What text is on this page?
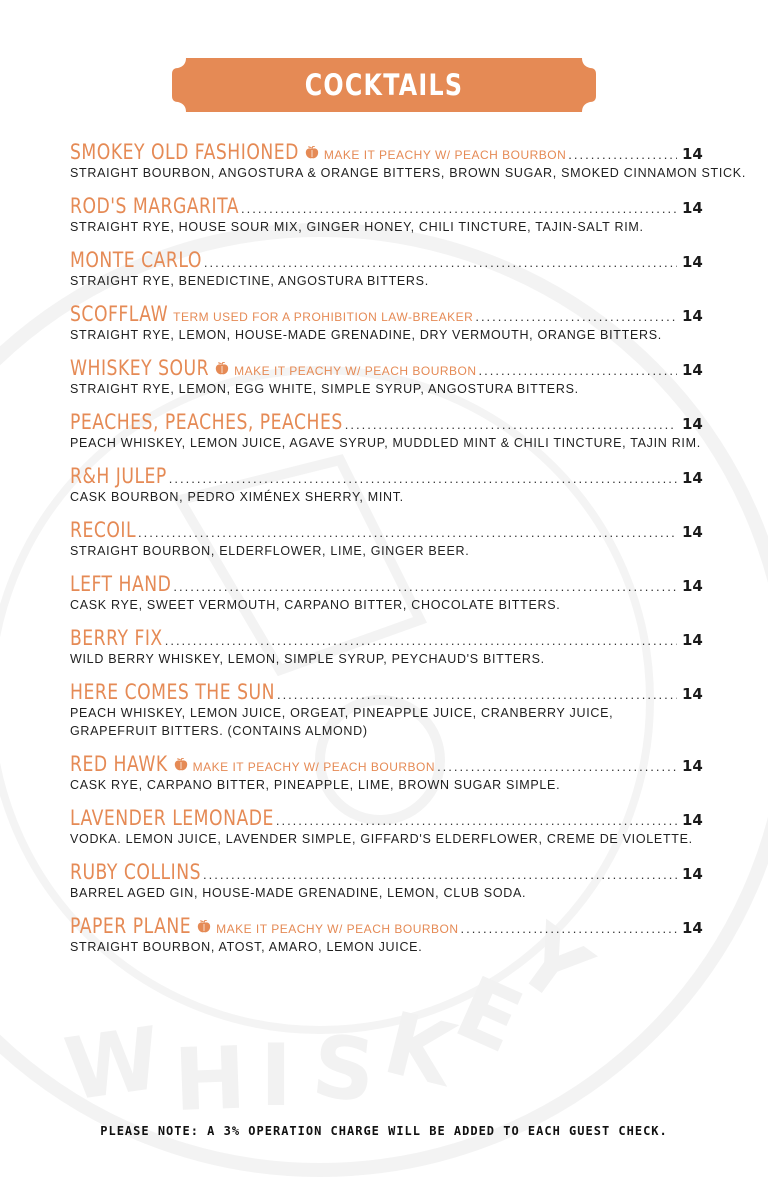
W H I S
K
E
Y
COCKTAILS
SMOKEY OLD FASHIONED MAKE IT PEACHY W/ PEACH BOURBON .....	14
STRAIGHT BOURBON, ANGOSTURA & ORANGE BITTERS, BROWN SUGAR, SMOKED CINNAMON STICK.
ROD'S MARGARITA .....	14
STRAIGHT RYE, HOUSE SOUR MIX, GINGER HONEY, CHILI TINCTURE, TAJIN-SALT RIM.
MONTE CARLO .....	14
STRAIGHT RYE, BENEDICTINE, ANGOSTURA BITTERS.
SCOFFLAW TERM USED FOR A PROHIBITION LAW-BREAKER .....	14
STRAIGHT RYE, LEMON, HOUSE-MADE GRENADINE, DRY VERMOUTH, ORANGE BITTERS.
WHISKEY SOUR MAKE IT PEACHY W/ PEACH BOURBON .....	14
STRAIGHT RYE, LEMON, EGG WHITE, SIMPLE SYRUP, ANGOSTURA BITTERS.
PEACHES, PEACHES, PEACHES .....	14
PEACH WHISKEY, LEMON JUICE, AGAVE SYRUP, MUDDLED MINT & CHILI TINCTURE, TAJIN RIM.
R&H JULEP .....	14
CASK BOURBON, PEDRO XIMÉNEX SHERRY, MINT.
RECOIL .....	14
STRAIGHT BOURBON, ELDERFLOWER, LIME, GINGER BEER.
LEFT HAND .....	14
CASK RYE, SWEET VERMOUTH, CARPANO BITTER, CHOCOLATE BITTERS.
BERRY FIX .....	14
WILD BERRY WHISKEY, LEMON, SIMPLE SYRUP, PEYCHAUD'S BITTERS.
HERE COMES THE SUN .....	14
PEACH WHISKEY, LEMON JUICE, ORGEAT, PINEAPPLE JUICE, CRANBERRY JUICE,
GRAPEFRUIT BITTERS. (CONTAINS ALMOND)
RED HAWK MAKE IT PEACHY W/ PEACH BOURBON .....	14
CASK RYE, CARPANO BITTER, PINEAPPLE, LIME, BROWN SUGAR SIMPLE.
LAVENDER LEMONADE .....	14
VODKA. LEMON JUICE, LAVENDER SIMPLE, GIFFARD'S ELDERFLOWER, CREME DE VIOLETTE.
RUBY COLLINS .....	14
BARREL AGED GIN, HOUSE-MADE GRENADINE, LEMON, CLUB SODA.
PAPER PLANE MAKE IT PEACHY W/ PEACH BOURBON .....	14
STRAIGHT BOURBON, ATOST, AMARO, LEMON JUICE.
PLEASE NOTE: A 3% OPERATION CHARGE WILL BE ADDED TO EACH GUEST CHECK.
